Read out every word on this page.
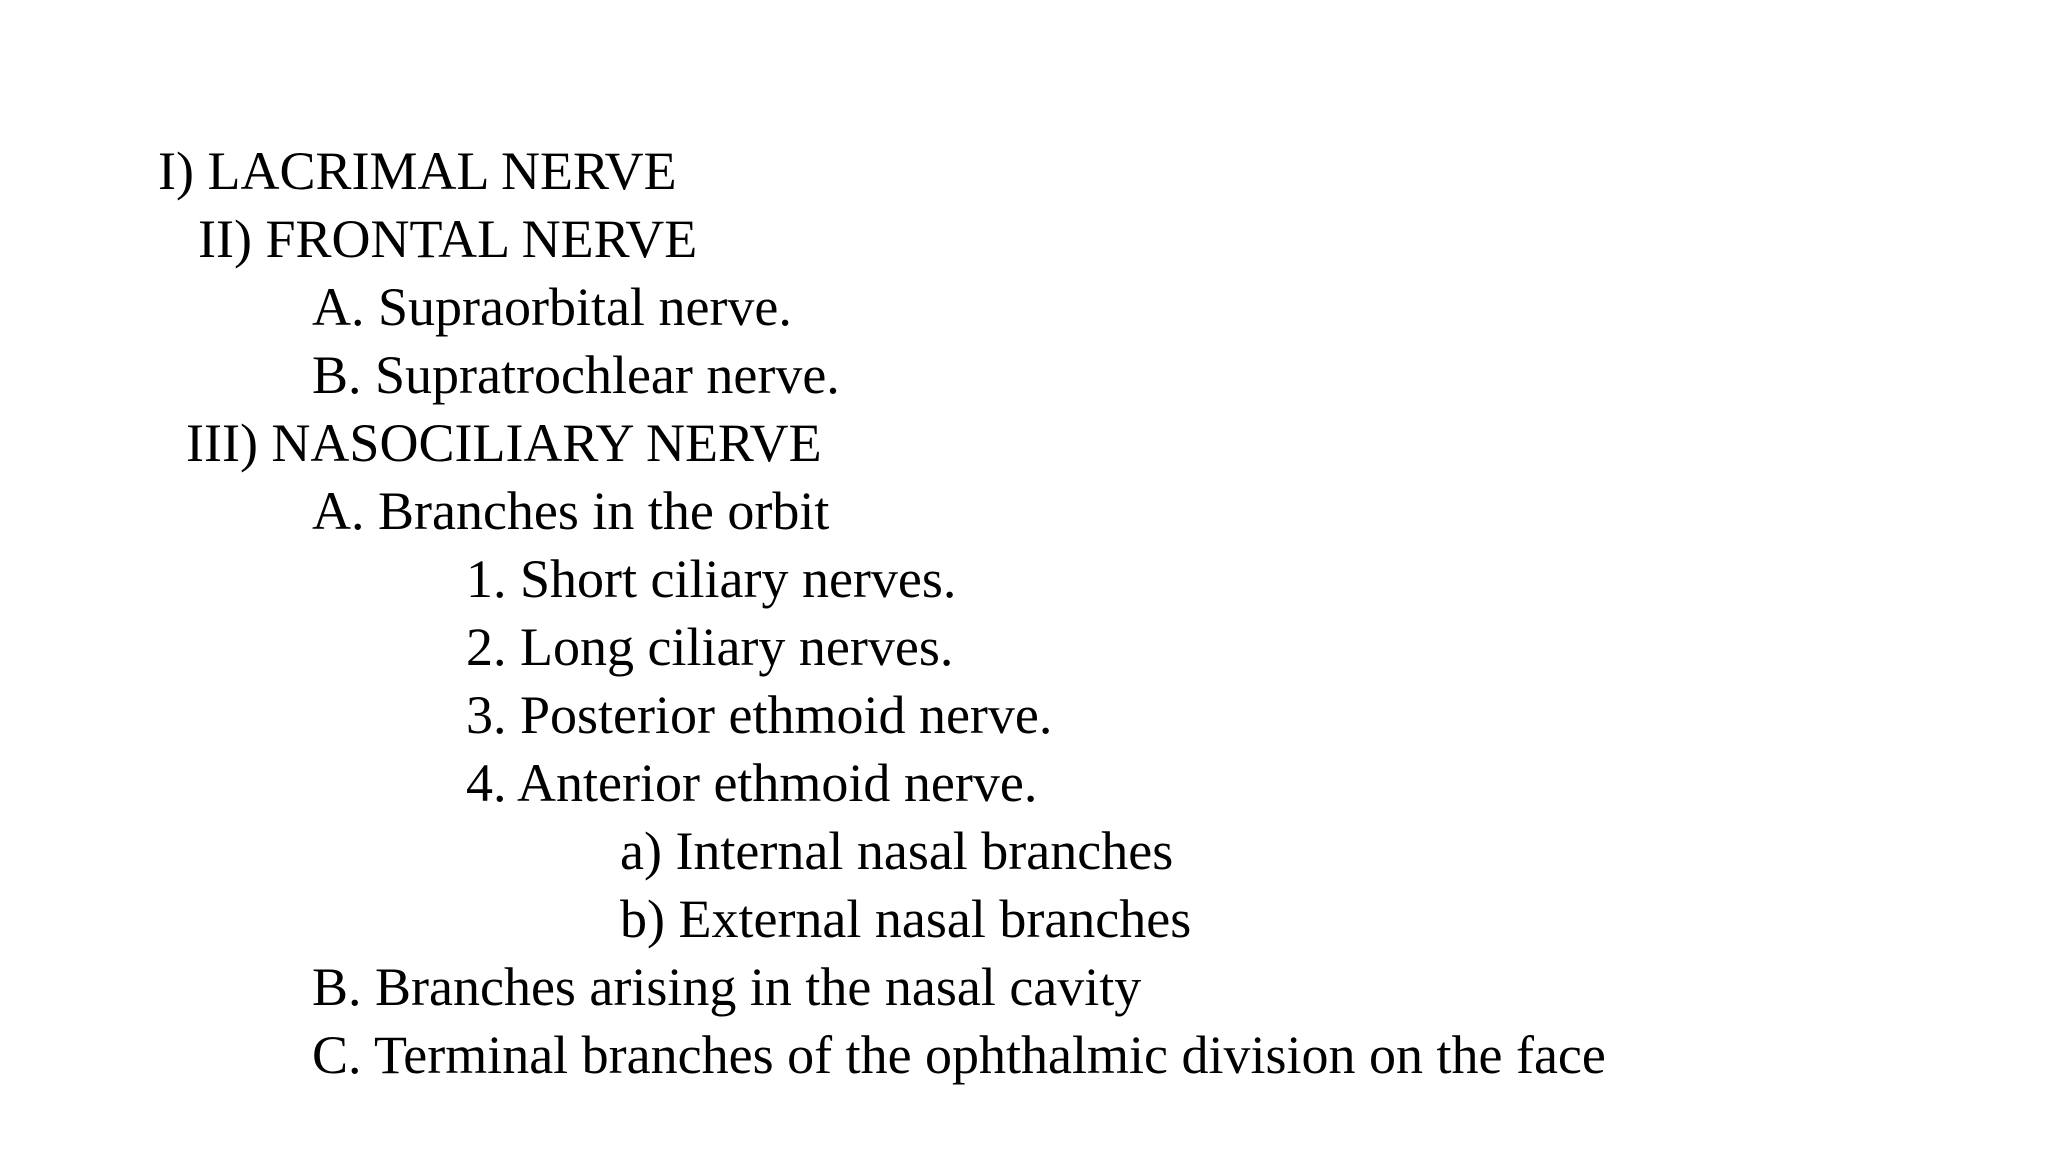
I) LACRIMAL NERVE

II) FRONTAL NERVE

A. Supraorbital nerve.

B. Supratrochlear nerve.

III) NASOCILIARY NERVE

A. Branches in the orbit

1. Short ciliary nerves.

2. Long ciliary nerves.

3. Posterior ethmoid nerve.

4. Anterior ethmoid nerve.

a) Internal nasal branches

b) External nasal branches

B. Branches arising in the nasal cavity

C. Terminal branches of the ophthalmic division on the face
